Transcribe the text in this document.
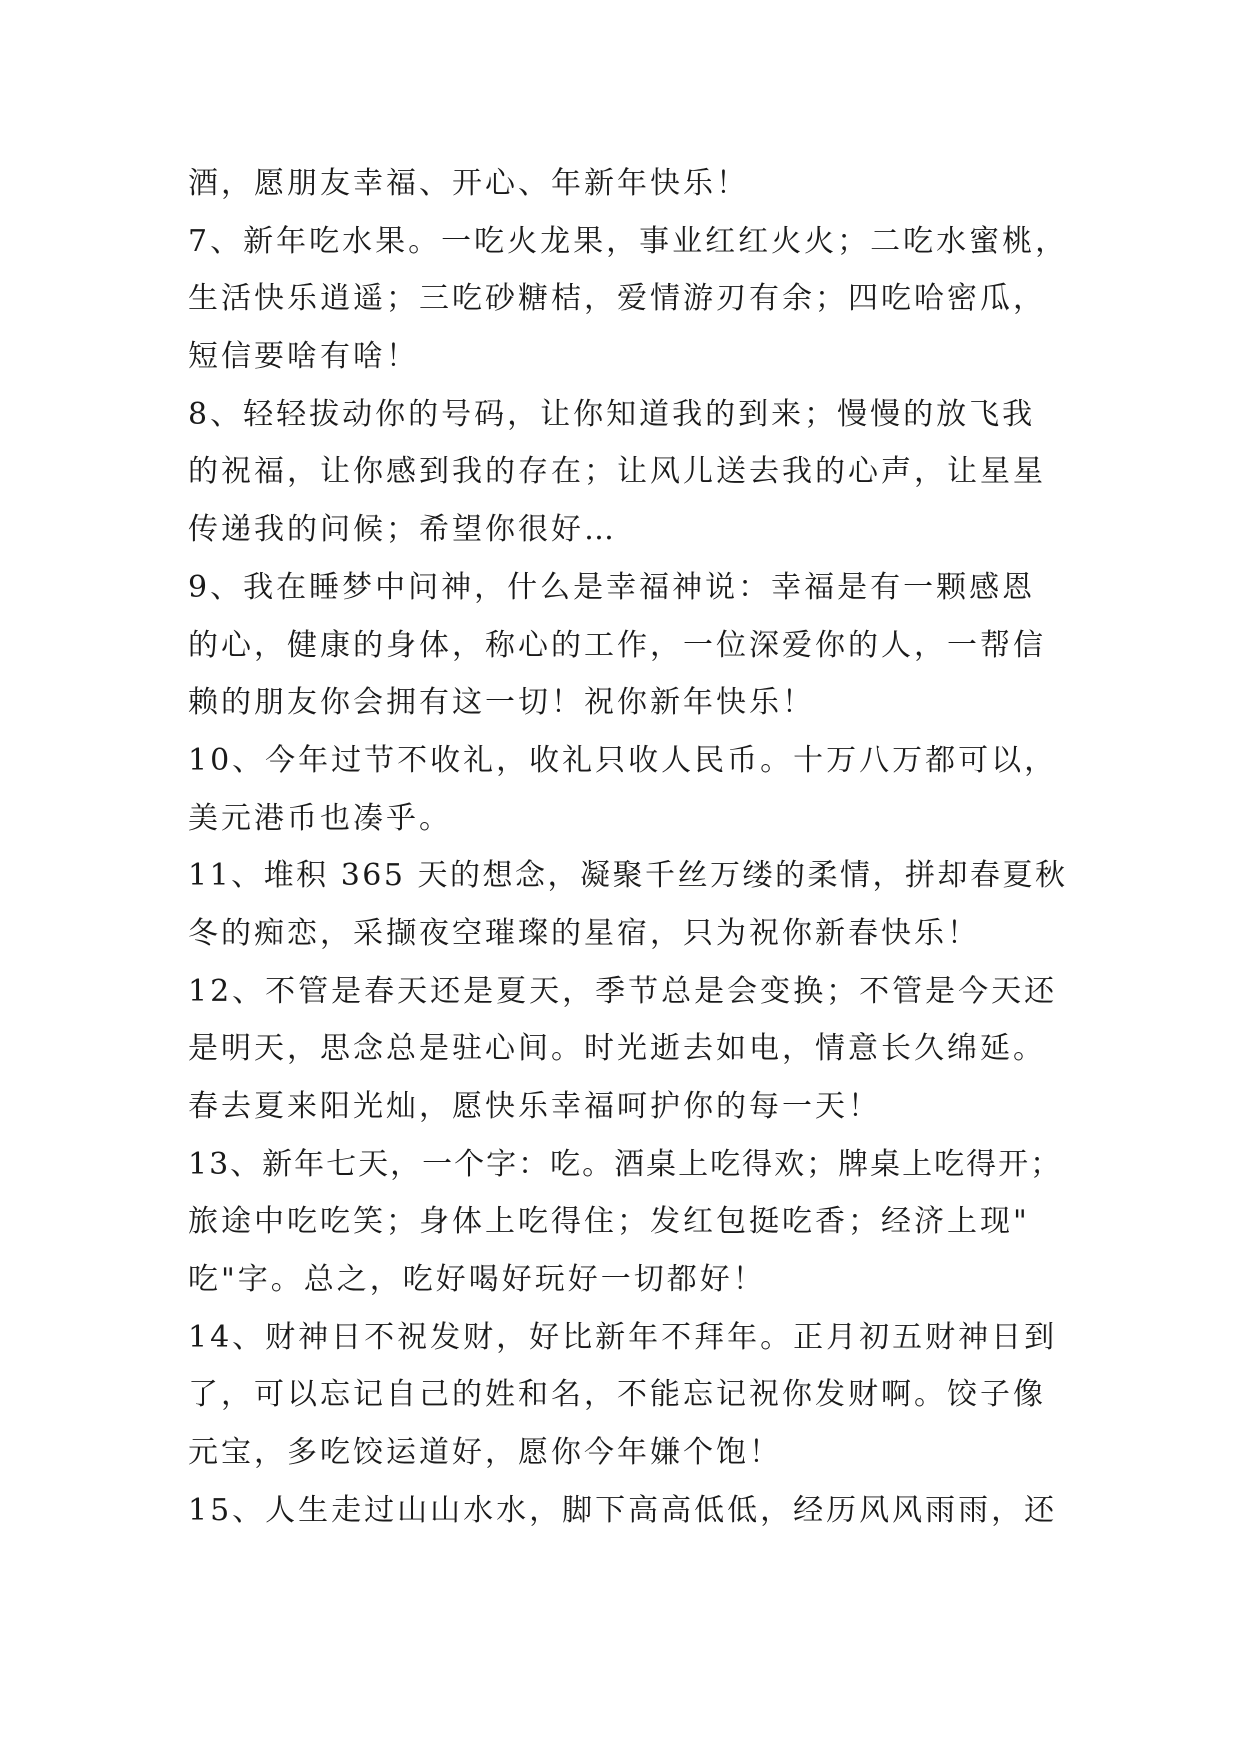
酒，愿朋友幸福、开心、年新年快乐！
7、新年吃水果。一吃火龙果，事业红红火火；二吃水蜜桃，
生活快乐逍遥；三吃砂糖桔，爱情游刃有余；四吃哈密瓜，
短信要啥有啥！
8、轻轻拔动你的号码，让你知道我的到来；慢慢的放飞我
的祝福，让你感到我的存在；让风儿送去我的心声，让星星
传递我的问候；希望你很好…
9、我在睡梦中问神，什么是幸福神说：幸福是有一颗感恩
的心，健康的身体，称心的工作，一位深爱你的人，一帮信
赖的朋友你会拥有这一切！祝你新年快乐！
10、今年过节不收礼，收礼只收人民币。十万八万都可以，
美元港币也凑乎。
11、堆积 365 天的想念，凝聚千丝万缕的柔情，拼却春夏秋
冬的痴恋，采撷夜空璀璨的星宿，只为祝你新春快乐！
12、不管是春天还是夏天，季节总是会变换；不管是今天还
是明天，思念总是驻心间。时光逝去如电，情意长久绵延。
春去夏来阳光灿，愿快乐幸福呵护你的每一天！
13、新年七天，一个字：吃。酒桌上吃得欢；牌桌上吃得开；
旅途中吃吃笑；身体上吃得住；发红包挺吃香；经济上现"
吃"字。总之，吃好喝好玩好一切都好！
14、财神日不祝发财，好比新年不拜年。正月初五财神日到
了，可以忘记自己的姓和名，不能忘记祝你发财啊。饺子像
元宝，多吃饺运道好，愿你今年嫌个饱！
15、人生走过山山水水，脚下高高低低，经历风风雨雨，还
